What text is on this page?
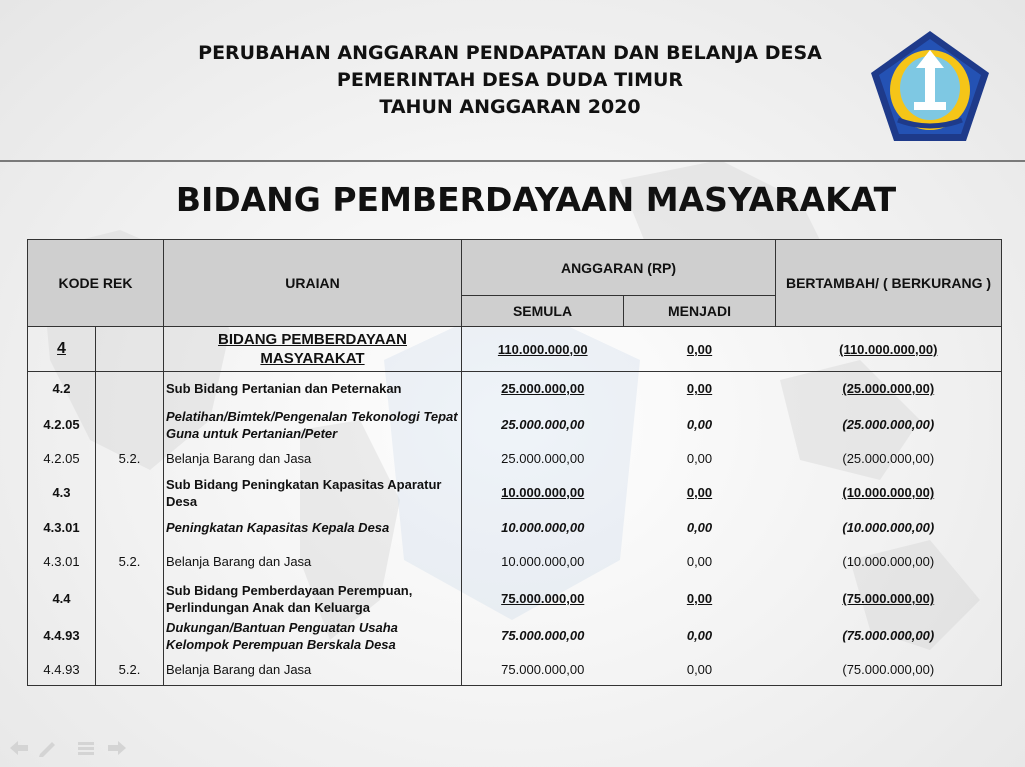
PERUBAHAN ANGGARAN PENDAPATAN DAN BELANJA DESA
PEMERINTAH DESA DUDA TIMUR
TAHUN ANGGARAN 2020
BIDANG PEMBERDAYAAN MASYARAKAT
KODE REK		URAIAN	ANGGARAN (RP)		BERTAMBAH/ ( BERKURANG )
			SEMULA	MENJADI	
4		BIDANG PEMBERDAYAAN MASYARAKAT	110.000.000,00	0,00	(110.000.000,00)
4.2		Sub Bidang Pertanian dan Peternakan	25.000.000,00	0,00	(25.000.000,00)
4.2.05		Pelatihan/Bimtek/Pengenalan Tekonologi Tepat Guna untuk Pertanian/Peter	25.000.000,00	0,00	(25.000.000,00)
4.2.05	5.2.	Belanja Barang dan Jasa	25.000.000,00	0,00	(25.000.000,00)
4.3		Sub Bidang Peningkatan Kapasitas Aparatur Desa	10.000.000,00	0,00	(10.000.000,00)
4.3.01		Peningkatan Kapasitas Kepala Desa	10.000.000,00	0,00	(10.000.000,00)
4.3.01	5.2.	Belanja Barang dan Jasa	10.000.000,00	0,00	(10.000.000,00)
4.4		Sub Bidang Pemberdayaan Perempuan, Perlindungan Anak dan Keluarga	75.000.000,00	0,00	(75.000.000,00)
4.4.93		Dukungan/Bantuan Penguatan Usaha Kelompok Perempuan Berskala Desa	75.000.000,00	0,00	(75.000.000,00)
4.4.93	5.2.	Belanja Barang dan Jasa	75.000.000,00	0,00	(75.000.000,00)
